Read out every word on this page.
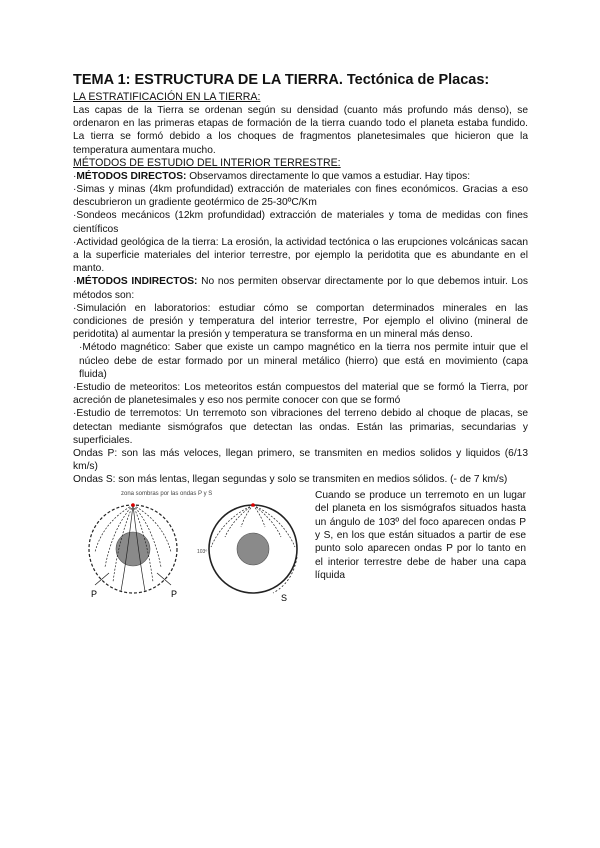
TEMA 1: ESTRUCTURA DE LA TIERRA. Tectónica de Placas:
LA ESTRATIFICACIÓN EN LA TIERRA:

Las capas de la Tierra se ordenan según su densidad (cuanto más profundo más denso), se ordenaron en las primeras etapas de formación de la tierra cuando todo el planeta estaba fundido. La tierra se formó debido a los choques de fragmentos planetesimales que hicieron que la temperatura aumentara mucho.

MÉTODOS DE ESTUDIO DEL INTERIOR TERRESTRE:

·MÉTODOS DIRECTOS: Observamos directamente lo que vamos a estudiar. Hay tipos:

·Simas y minas (4km profundidad) extracción de materiales con fines económicos. Gracias a eso descubrieron un gradiente geotérmico de 25-30ºC/Km

·Sondeos mecánicos (12km profundidad) extracción de materiales y toma de medidas con fines científicos

·Actividad geológica de la tierra: La erosión, la actividad tectónica o las erupciones volcánicas sacan a la superficie materiales del interior terrestre, por ejemplo la peridotita que es abundante en el manto.

·MÉTODOS INDIRECTOS: No nos permiten observar directamente por lo que debemos intuir. Los métodos son:

·Simulación en laboratorios: estudiar cómo se comportan determinados minerales en las condiciones de presión y temperatura del interior terrestre, Por ejemplo el olivino (mineral de peridotita) al aumentar la presión y temperatura se transforma en un mineral más denso.

·Método magnético: Saber que existe un campo magnético en la tierra nos permite intuir que el núcleo debe de estar formado por un mineral metálico (hierro) que está en movimiento (capa fluida)

·Estudio de meteoritos: Los meteoritos están compuestos del material que se formó la Tierra, por acreción de planetesimales y eso nos permite conocer con que se formó

·Estudio de terremotos: Un terremoto son vibraciones del terreno debido al choque de placas, se detectan mediante sismógrafos que detectan las ondas. Están las primarias, secundarias y superficiales.

Ondas P: son las más veloces, llegan primero, se transmiten en medios solidos y liquidos (6/13 km/s)

Ondas S: son más lentas, llegan segundas y solo se transmiten en medios sólidos. (- de 7 km/s)

zona sombras por las ondas P y S
P	P
103º
S

Cuando se produce un terremoto en un lugar del planeta en los sismógrafos situados hasta un ángulo de 103º del foco aparecen ondas P y S, en los que están situados a partir de ese punto solo aparecen ondas P por lo tanto en el interior terrestre debe de haber una capa líquida
